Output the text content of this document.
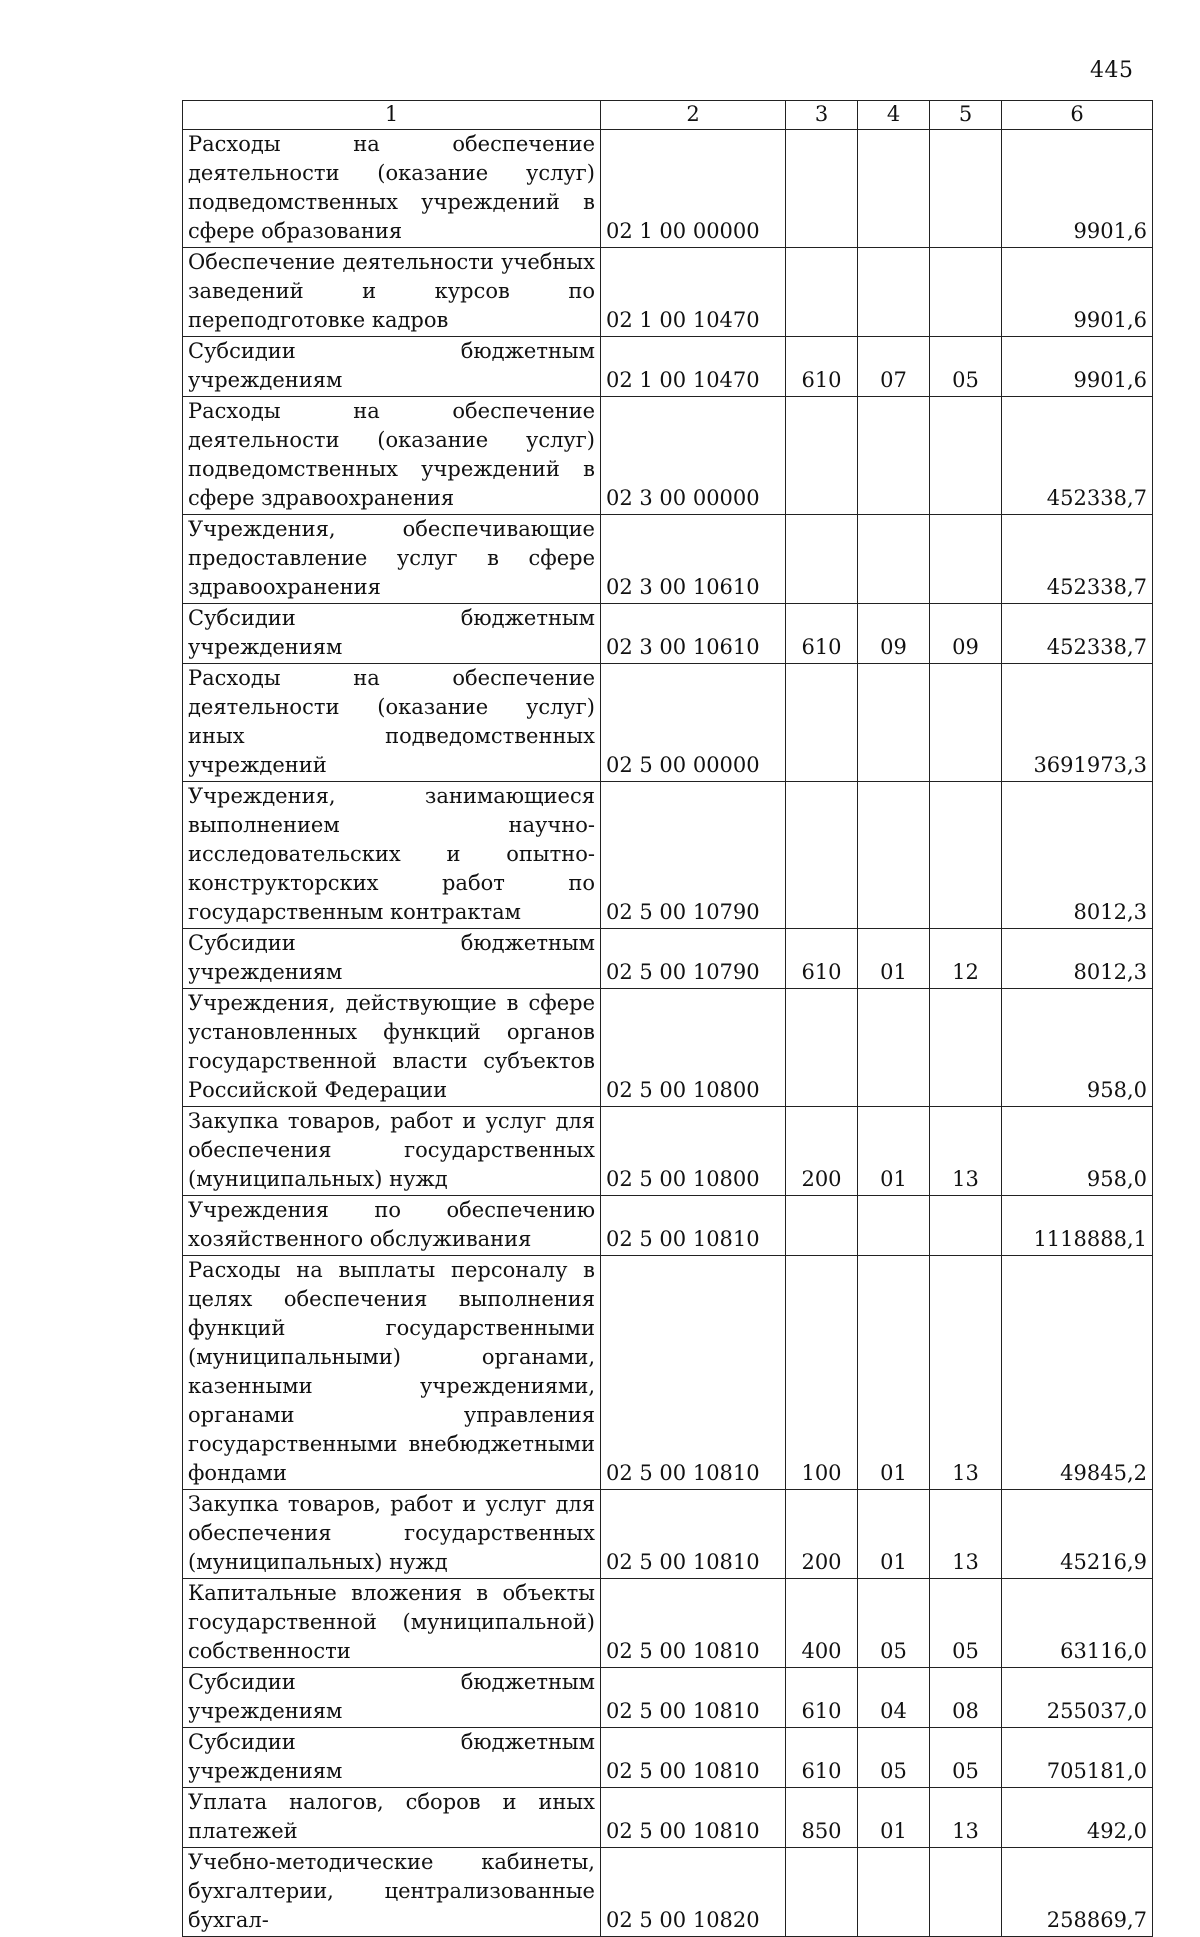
445
1	2	3	4	5	6
Расходы на обеспечение деятельности (оказание услуг) подведомственных учреждений в сфере образования	02 1 00 00000				9901,6
Обеспечение деятельности учебных заведений и курсов по переподготовке кадров	02 1 00 10470				9901,6
Субсидии бюджетным учреждениям	02 1 00 10470	610	07	05	9901,6
Расходы на обеспечение деятельности (оказание услуг) подведомственных учреждений в сфере здравоохранения	02 3 00 00000				452338,7
Учреждения, обеспечивающие предоставление услуг в сфере здравоохранения	02 3 00 10610				452338,7
Субсидии бюджетным учреждениям	02 3 00 10610	610	09	09	452338,7
Расходы на обеспечение деятельности (оказание услуг) иных подведомственных учреждений	02 5 00 00000				3691973,3
Учреждения, занимающиеся выполнением научно-исследовательских и опытно-конструкторских работ по государственным контрактам	02 5 00 10790				8012,3
Субсидии бюджетным учреждениям	02 5 00 10790	610	01	12	8012,3
Учреждения, действующие в сфере установленных функций органов государственной власти субъектов Российской Федерации	02 5 00 10800				958,0
Закупка товаров, работ и услуг для обеспечения государственных (муниципальных) нужд	02 5 00 10800	200	01	13	958,0
Учреждения по обеспечению хозяйственного обслуживания	02 5 00 10810				1118888,1
Расходы на выплаты персоналу в целях обеспечения выполнения функций государственными (муниципальными) органами, казенными учреждениями, органами управления государственными внебюджетными фондами	02 5 00 10810	100	01	13	49845,2
Закупка товаров, работ и услуг для обеспечения государственных (муниципальных) нужд	02 5 00 10810	200	01	13	45216,9
Капитальные вложения в объекты государственной (муниципальной) собственности	02 5 00 10810	400	05	05	63116,0
Субсидии бюджетным учреждениям	02 5 00 10810	610	04	08	255037,0
Субсидии бюджетным учреждениям	02 5 00 10810	610	05	05	705181,0
Уплата налогов, сборов и иных платежей	02 5 00 10810	850	01	13	492,0
Учебно-методические кабинеты, бухгалтерии, централизованные бухгал-	02 5 00 10820				258869,7
